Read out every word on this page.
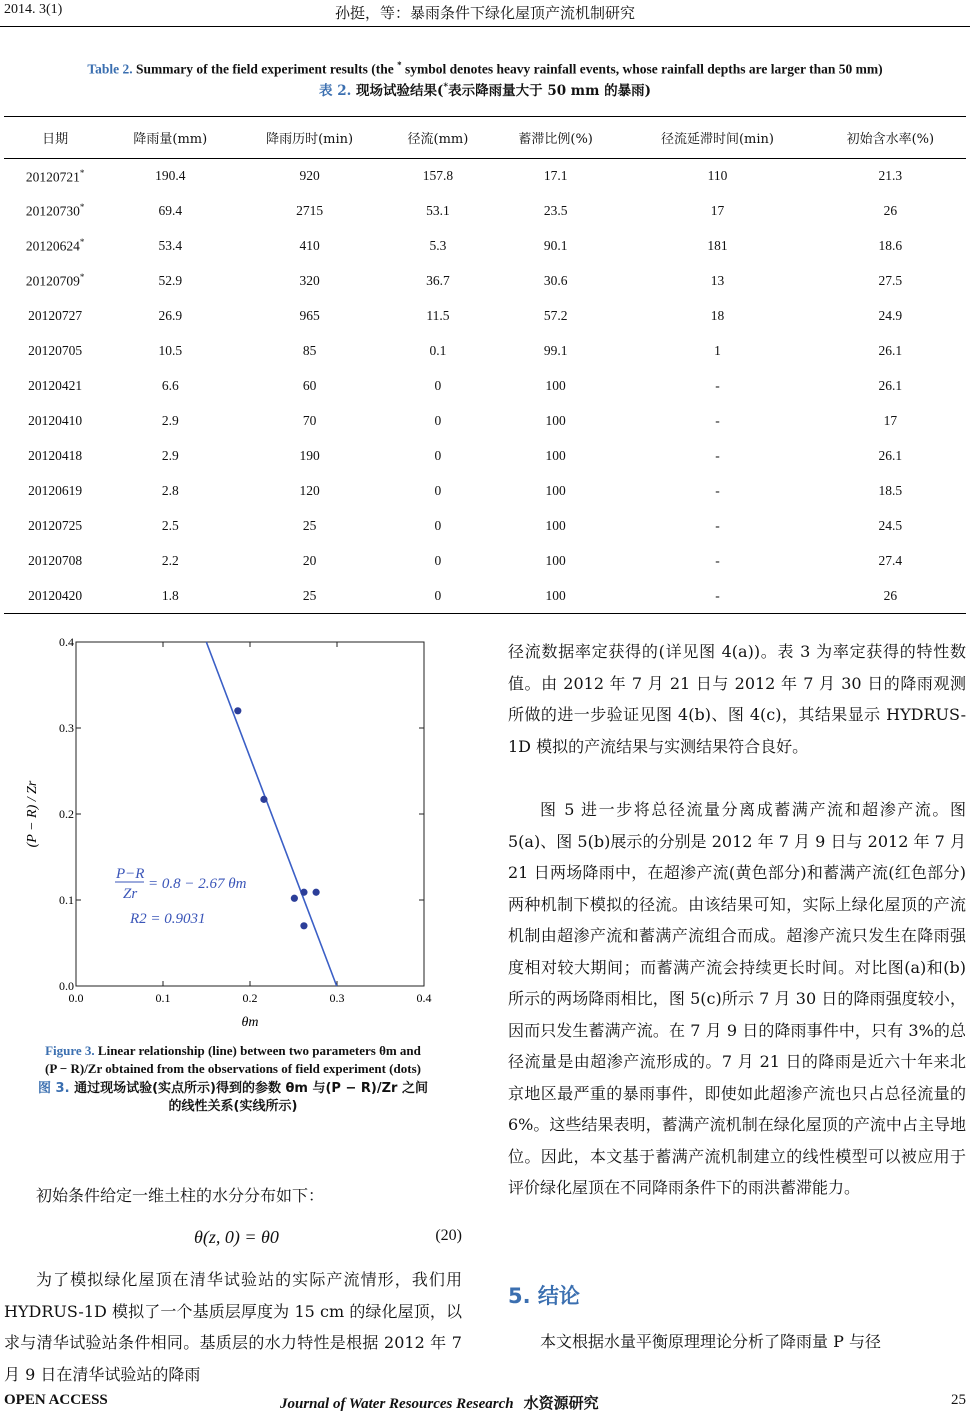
2014. 3(1)	孙挺，等：暴雨条件下绿化屋顶产流机制研究
Table 2. Summary of the field experiment results (the * symbol denotes heavy rainfall events, whose rainfall depths are larger than 50 mm)
表 2. 现场试验结果(*表示降雨量大于 50 mm 的暴雨)
日期	降雨量(mm)	降雨历时(min)	径流(mm)	蓄滞比例(%)	径流延滞时间(min)	初始含水率(%)
20120721*	190.4	920	157.8	17.1	110	21.3
20120730*	69.4	2715	53.1	23.5	17	26
20120624*	53.4	410	5.3	90.1	181	18.6
20120709*	52.9	320	36.7	30.6	13	27.5
20120727	26.9	965	11.5	57.2	18	24.9
20120705	10.5	85	0.1	99.1	1	26.1
20120421	6.6	60	0	100	-	26.1
20120410	2.9	70	0	100	-	17
20120418	2.9	190	0	100	-	26.1
20120619	2.8	120	0	100	-	18.5
20120725	2.5	25	0	100	-	24.5
20120708	2.2	20	0	100	-	27.4
20120420	1.8	25	0	100	-	26
0.0	0.1	0.2	0.3	0.4
0.0
0.1
0.2
0.3
0.4
θm
(P − R) / Zr
P−R
Zr
= 0.8 − 2.67 θm
R2 = 0.9031
Figure 3. Linear relationship (line) between two parameters θm and
(P − R)/Zr obtained from the observations of field experiment (dots)
图 3. 通过现场试验(实点所示)得到的参数 θm 与(P − R)/Zr 之间
的线性关系(实线所示)
初始条件给定一维土柱的水分分布如下：
θ(z, 0) = θ0	(20)
为了模拟绿化屋顶在清华试验站的实际产流情形，我们用 HYDRUS-1D 模拟了一个基质层厚度为 15 cm 的绿化屋顶，以求与清华试验站条件相同。基质层的水力特性是根据 2012 年 7 月 9 日在清华试验站的降雨
径流数据率定获得的(详见图 4(a))。表 3 为率定获得的特性数值。由 2012 年 7 月 21 日与 2012 年 7 月 30 日的降雨观测所做的进一步验证见图 4(b)、图 4(c)，其结果显示 HYDRUS-1D 模拟的产流结果与实测结果符合良好。
图 5 进一步将总径流量分离成蓄满产流和超渗产流。图 5(a)、图 5(b)展示的分别是 2012 年 7 月 9 日与 2012 年 7 月 21 日两场降雨中，在超渗产流(黄色部分)和蓄满产流(红色部分)两种机制下模拟的径流。由该结果可知，实际上绿化屋顶的产流机制由超渗产流和蓄满产流组合而成。超渗产流只发生在降雨强度相对较大期间；而蓄满产流会持续更长时间。对比图(a)和(b)所示的两场降雨相比，图 5(c)所示 7 月 30 日的降雨强度较小，因而只发生蓄满产流。在 7 月 9 日的降雨事件中，只有 3%的总径流量是由超渗产流形成的。7 月 21 日的降雨是近六十年来北京地区最严重的暴雨事件，即使如此超渗产流也只占总径流量的 6%。这些结果表明，蓄满产流机制在绿化屋顶的产流中占主导地位。因此，本文基于蓄满产流机制建立的线性模型可以被应用于评价绿化屋顶在不同降雨条件下的雨洪蓄滞能力。
5. 结论
本文根据水量平衡原理理论分析了降雨量 P 与径
OPEN ACCESS	Journal of Water Resources Research 水资源研究	25
